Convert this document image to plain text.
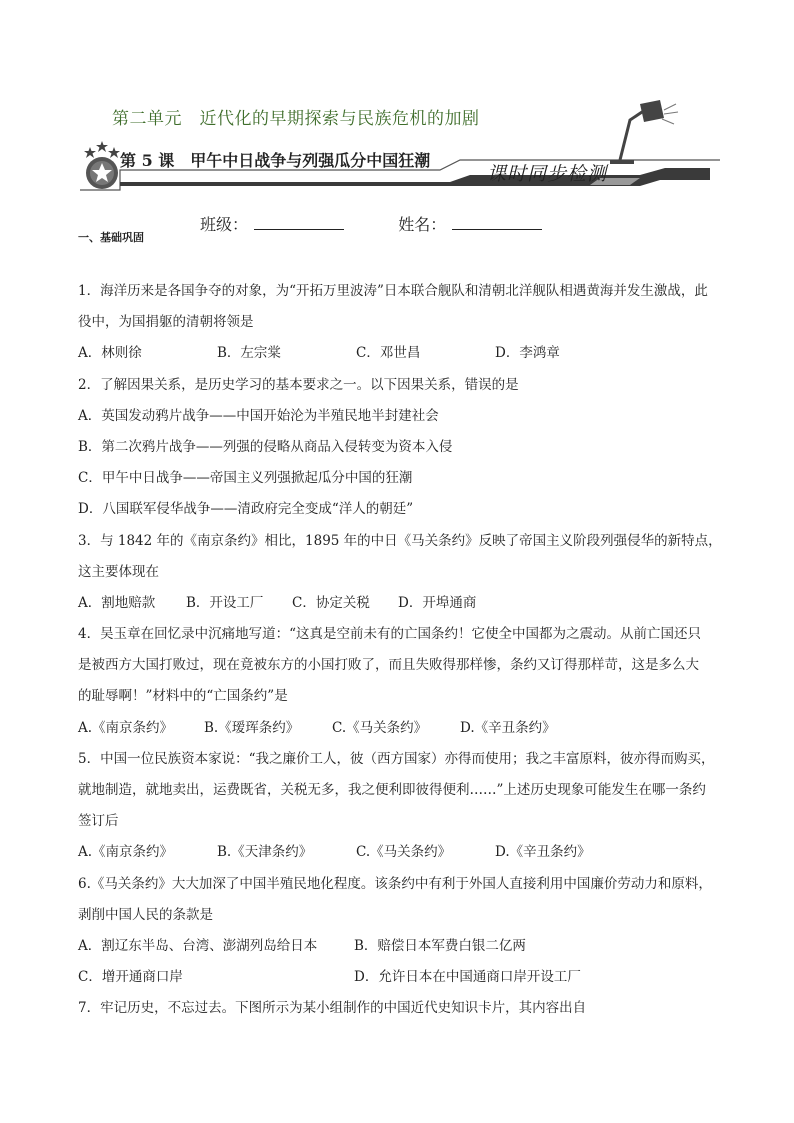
第二单元　近代化的早期探索与民族危机的加剧
第 5 课　甲午中日战争与列强瓜分中国狂潮
课时同步检测
班级：	姓名：
一、基础巩固
1．海洋历来是各国争夺的对象，为“开拓万里波涛”日本联合舰队和清朝北洋舰队相遇黄海并发生激战，此
役中，为国捐躯的清朝将领是
A．林则徐	B．左宗棠	C．邓世昌	D．李鸿章
2．了解因果关系，是历史学习的基本要求之一。以下因果关系，错误的是
A．英国发动鸦片战争——中国开始沦为半殖民地半封建社会
B．第二次鸦片战争——列强的侵略从商品入侵转变为资本入侵
C．甲午中日战争——帝国主义列强掀起瓜分中国的狂潮
D．八国联军侵华战争——清政府完全变成“洋人的朝廷”
3．与 1842 年的《南京条约》相比，1895 年的中日《马关条约》反映了帝国主义阶段列强侵华的新特点，
这主要体现在
A．割地赔款	B．开设工厂	C．协定关税	D．开埠通商
4．吴玉章在回忆录中沉痛地写道：“这真是空前未有的亡国条约！它使全中国都为之震动。从前亡国还只
是被西方大国打败过，现在竟被东方的小国打败了，而且失败得那样惨，条约又订得那样苛，这是多么大
的耻辱啊！”材料中的“亡国条约”是
A.《南京条约》	B.《瑷珲条约》	C.《马关条约》	D.《辛丑条约》
5．中国一位民族资本家说：“我之廉价工人，彼（西方国家）亦得而使用；我之丰富原料，彼亦得而购买，
就地制造，就地卖出，运费既省，关税无多，我之便利即彼得便利……”上述历史现象可能发生在哪一条约
签订后
A.《南京条约》	B.《天津条约》	C.《马关条约》	D.《辛丑条约》
6.《马关条约》大大加深了中国半殖民地化程度。该条约中有利于外国人直接利用中国廉价劳动力和原料，
剥削中国人民的条款是
A．割辽东半岛、台湾、澎湖列岛给日本	B．赔偿日本军费白银二亿两
C．增开通商口岸	D．允许日本在中国通商口岸开设工厂
7．牢记历史，不忘过去。下图所示为某小组制作的中国近代史知识卡片，其内容出自
